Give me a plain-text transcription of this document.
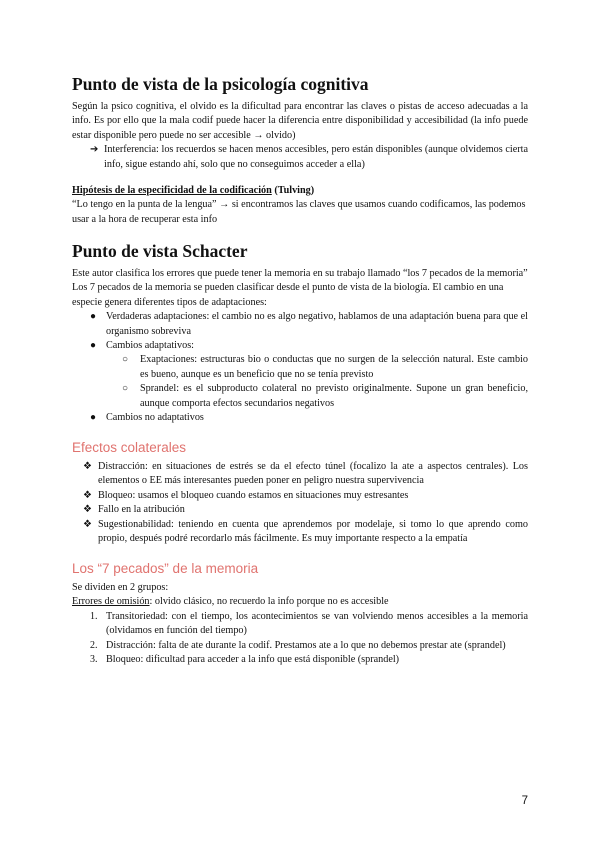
Punto de vista de la psicología cognitiva

Según la psico cognitiva, el olvido es la dificultad para encontrar las claves o pistas de acceso adecuadas a la info. Es por ello que la mala codif puede hacer la diferencia entre disponibilidad y accesibilidad (la info puede estar disponible pero puede no ser accesible → olvido)

➔ Interferencia: los recuerdos se hacen menos accesibles, pero están disponibles (aunque olvidemos cierta info, sigue estando ahí, solo que no conseguimos acceder a ella)

Hipótesis de la especificidad de la codificación (Tulving)

“Lo tengo en la punta de la lengua” → si encontramos las claves que usamos cuando codificamos, las podemos usar a la hora de recuperar esta info

Punto de vista Schacter

Este autor clasifica los errores que puede tener la memoria en su trabajo llamado “los 7 pecados de la memoria”

Los 7 pecados de la memoria se pueden clasificar desde el punto de vista de la biología. El cambio en una especie genera diferentes tipos de adaptaciones:

● Verdaderas adaptaciones: el cambio no es algo negativo, hablamos de una adaptación buena para que el organismo sobreviva
● Cambios adaptativos:
○ Exaptaciones: estructuras bio o conductas que no surgen de la selección natural. Este cambio es bueno, aunque es un beneficio que no se tenía previsto
○ Sprandel: es el subproducto colateral no previsto originalmente. Supone un gran beneficio, aunque comporta efectos secundarios negativos
● Cambios no adaptativos
Efectos colaterales
❖ Distracción: en situaciones de estrés se da el efecto túnel (focalizo la ate a aspectos centrales). Los elementos o EE más interesantes pueden poner en peligro nuestra supervivencia
❖ Bloqueo: usamos el bloqueo cuando estamos en situaciones muy estresantes
❖ Fallo en la atribución
❖ Sugestionabilidad: teniendo en cuenta que aprendemos por modelaje, si tomo lo que aprendo como propio, después podré recordarlo más fácilmente. Es muy importante respecto a la empatía
Los “7 pecados” de la memoria

Se dividen en 2 grupos:

Errores de omisión: olvido clásico, no recuerdo la info porque no es accesible

1. Transitoriedad: con el tiempo, los acontecimientos se van volviendo menos accesibles a la memoria (olvidamos en función del tiempo)
2. Distracción: falta de ate durante la codif. Prestamos ate a lo que no debemos prestar ate (sprandel)
3. Bloqueo: dificultad para acceder a la info que está disponible (sprandel)
7
